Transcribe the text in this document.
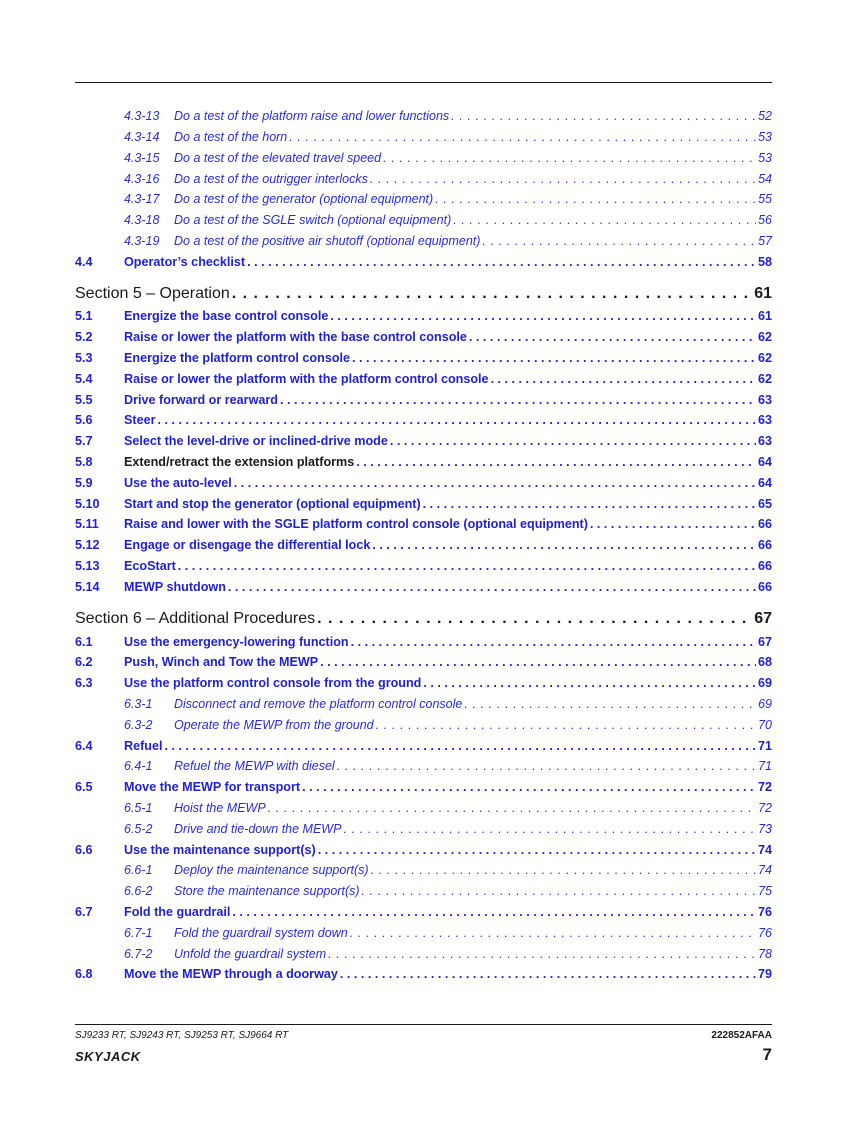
4.3-13	Do a test of the platform raise and lower functions . . .	52
4.3-14	Do a test of the horn . . .	53
4.3-15	Do a test of the elevated travel speed . . .	53
4.3-16	Do a test of the outrigger interlocks . . .	54
4.3-17	Do a test of the generator (optional equipment) . . .	55
4.3-18	Do a test of the SGLE switch (optional equipment) . . .	56
4.3-19	Do a test of the positive air shutoff (optional equipment) . . .	57
4.4	Operator’s checklist . . .	58
Section 5 – Operation . . .	61
5.1	Energize the base control console . . .	61
5.2	Raise or lower the platform with the base control console . . .	62
5.3	Energize the platform control console . . .	62
5.4	Raise or lower the platform with the platform control console . . .	62
5.5	Drive forward or rearward . . .	63
5.6	Steer . . .	63
5.7	Select the level-drive or inclined-drive mode . . .	63
5.8	Extend/retract the extension platforms . . .	64
5.9	Use the auto-level . . .	64
5.10	Start and stop the generator (optional equipment) . . .	65
5.11	Raise and lower with the SGLE platform control console (optional equipment) . . .	66
5.12	Engage or disengage the differential lock . . .	66
5.13	EcoStart . . .	66
5.14	MEWP shutdown . . .	66
Section 6 – Additional Procedures . . .	67
6.1	Use the emergency-lowering function . . .	67
6.2	Push, Winch and Tow the MEWP . . .	68
6.3	Use the platform control console from the ground . . .	69
6.3-1	Disconnect and remove the platform control console . . .	69
6.3-2	Operate the MEWP from the ground . . .	70
6.4	Refuel . . .	71
6.4-1	Refuel the MEWP with diesel . . .	71
6.5	Move the MEWP for transport . . .	72
6.5-1	Hoist the MEWP . . .	72
6.5-2	Drive and tie-down the MEWP . . .	73
6.6	Use the maintenance support(s) . . .	74
6.6-1	Deploy the maintenance support(s) . . .	74
6.6-2	Store the maintenance support(s) . . .	75
6.7	Fold the guardrail . . .	76
6.7-1	Fold the guardrail system down . . .	76
6.7-2	Unfold the guardrail system . . .	78
6.8	Move the MEWP through a doorway . . .	79
SJ9233 RT, SJ9243 RT, SJ9253 RT, SJ9664 RT	222852AFAA
SKYJACK	7
